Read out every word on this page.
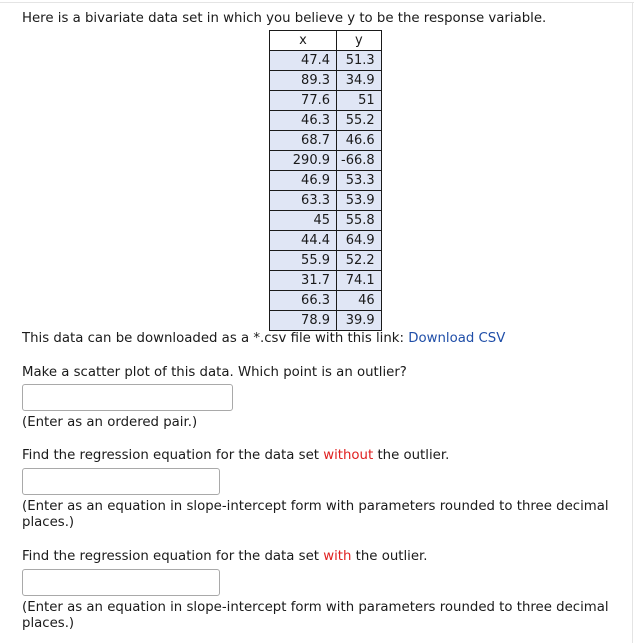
Here is a bivariate data set in which you believe y to be the response variable.
x	y
47.4	51.3
89.3	34.9
77.6	51
46.3	55.2
68.7	46.6
290.9	-66.8
46.9	53.3
63.3	53.9
45	55.8
44.4	64.9
55.9	52.2
31.7	74.1
66.3	46
78.9	39.9
This data can be downloaded as a *.csv file with this link: Download CSV
Make a scatter plot of this data. Which point is an outlier?
(Enter as an ordered pair.)
Find the regression equation for the data set without the outlier.
(Enter as an equation in slope-intercept form with parameters rounded to three decimal places.)
Find the regression equation for the data set with the outlier.
(Enter as an equation in slope-intercept form with parameters rounded to three decimal places.)
